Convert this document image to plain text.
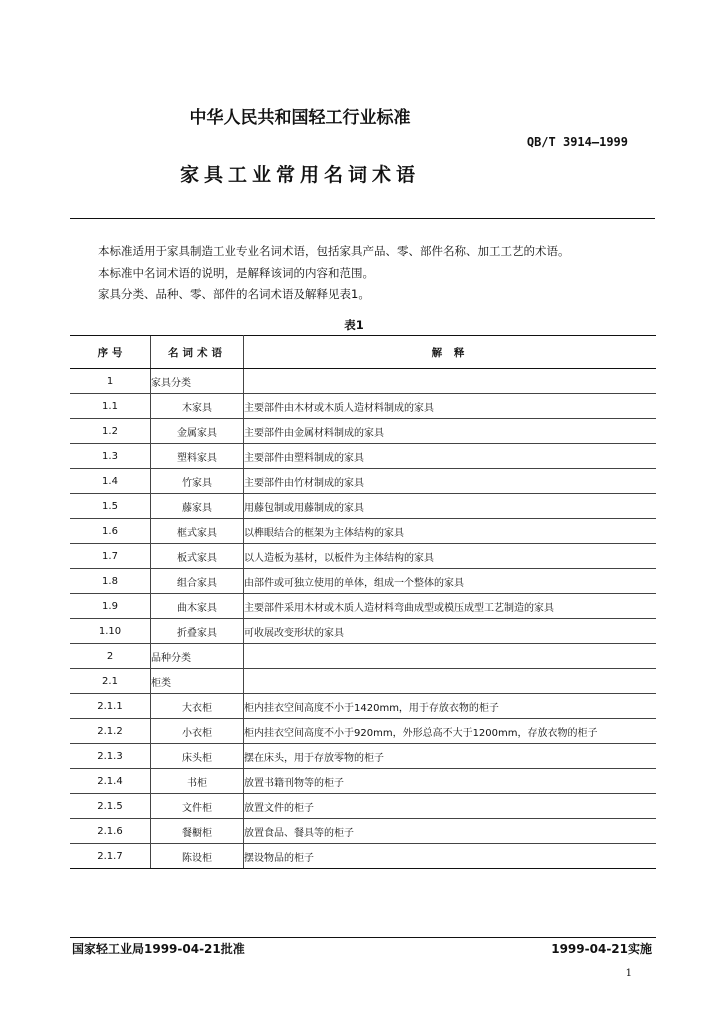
中华人民共和国轻工行业标准
QB/T 3914—1999
家具工业常用名词术语
本标准适用于家具制造工业专业名词术语，包括家具产品、零、部件名称、加工工艺的术语。
本标准中名词术语的说明，是解释该词的内容和范围。
家具分类、品种、零、部件的名词术语及解释见表1。
表1
序 号	名词术语	解 释
1	家具分类	
1.1	木家具	主要部件由木材或木质人造材料制成的家具
1.2	金属家具	主要部件由金属材料制成的家具
1.3	塑料家具	主要部件由塑料制成的家具
1.4	竹家具	主要部件由竹材制成的家具
1.5	藤家具	用藤包制或用藤制成的家具
1.6	框式家具	以榫眼结合的框架为主体结构的家具
1.7	板式家具	以人造板为基材，以板件为主体结构的家具
1.8	组合家具	由部件或可独立使用的单体，组成一个整体的家具
1.9	曲木家具	主要部件采用木材或木质人造材料弯曲成型或模压成型工艺制造的家具
1.10	折叠家具	可收展改变形状的家具
2	品种分类	
2.1	柜类	
2.1.1	大衣柜	柜内挂衣空间高度不小于1420mm，用于存放衣物的柜子
2.1.2	小衣柜	柜内挂衣空间高度不小于920mm，外形总高不大于1200mm，存放衣物的柜子
2.1.3	床头柜	摆在床头，用于存放零物的柜子
2.1.4	书柜	放置书籍刊物等的柜子
2.1.5	文件柜	放置文件的柜子
2.1.6	餐橱柜	放置食品、餐具等的柜子
2.1.7	陈设柜	摆设物品的柜子
国家轻工业局1999-04-21批准	1999-04-21实施
1
